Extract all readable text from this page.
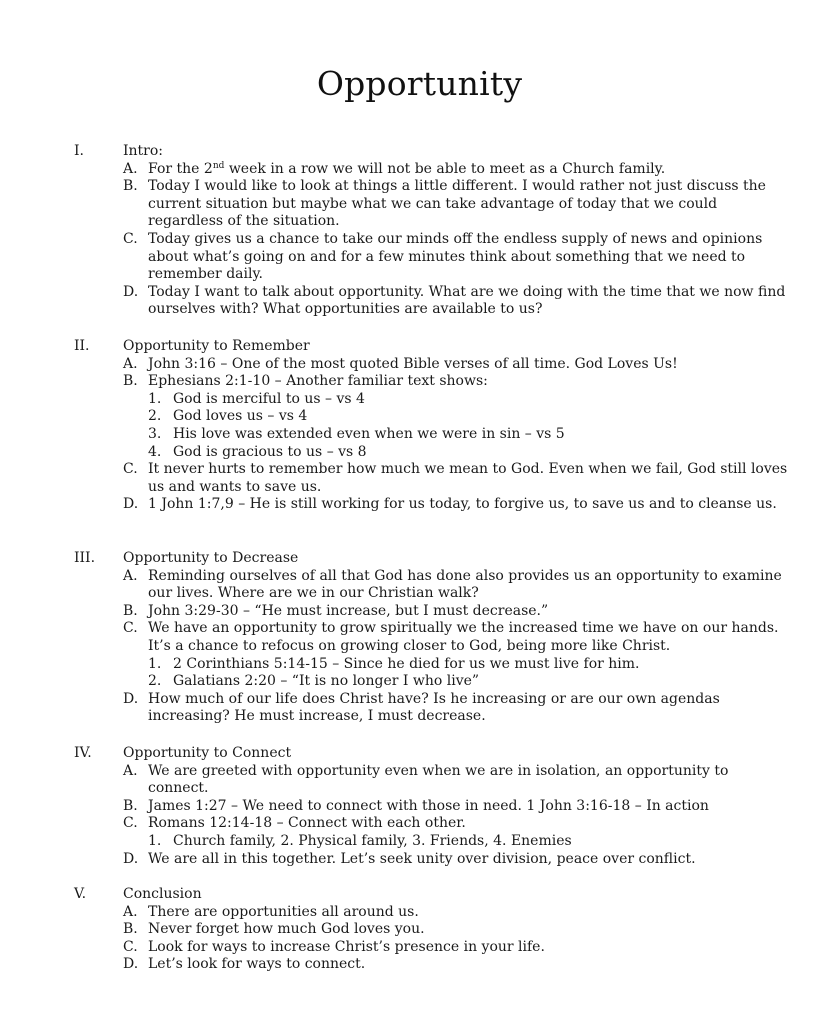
Opportunity
I.	Intro:
A. For the 2nd week in a row we will not be able to meet as a Church family.
B. Today I would like to look at things a little different. I would rather not just discuss the current situation but maybe what we can take advantage of today that we could regardless of the situation.
C. Today gives us a chance to take our minds off the endless supply of news and opinions about what’s going on and for a few minutes think about something that we need to remember daily.
D. Today I want to talk about opportunity. What are we doing with the time that we now find ourselves with? What opportunities are available to us?
II. Opportunity to Remember
A. John 3:16 – One of the most quoted Bible verses of all time. God Loves Us!
B. Ephesians 2:1-10 – Another familiar text shows:
1. God is merciful to us – vs 4
2. God loves us – vs 4
3. His love was extended even when we were in sin – vs 5
4. God is gracious to us – vs 8
C. It never hurts to remember how much we mean to God. Even when we fail, God still loves us and wants to save us.
D. 1 John 1:7,9 – He is still working for us today, to forgive us, to save us and to cleanse us.
III. Opportunity to Decrease
A. Reminding ourselves of all that God has done also provides us an opportunity to examine our lives. Where are we in our Christian walk?
B. John 3:29-30 – “He must increase, but I must decrease.”
C. We have an opportunity to grow spiritually we the increased time we have on our hands. It’s a chance to refocus on growing closer to God, being more like Christ.
1. 2 Corinthians 5:14-15 – Since he died for us we must live for him.
2. Galatians 2:20 – “It is no longer I who live”
D. How much of our life does Christ have? Is he increasing or are our own agendas increasing? He must increase, I must decrease.
IV. Opportunity to Connect
A. We are greeted with opportunity even when we are in isolation, an opportunity to connect.
B. James 1:27 – We need to connect with those in need. 1 John 3:16-18 – In action
C. Romans 12:14-18 – Connect with each other.
1. Church family, 2. Physical family, 3. Friends, 4. Enemies
D. We are all in this together. Let’s seek unity over division, peace over conflict.
V.	Conclusion
A. There are opportunities all around us.
B. Never forget how much God loves you.
C. Look for ways to increase Christ’s presence in your life.
D. Let’s look for ways to connect.
